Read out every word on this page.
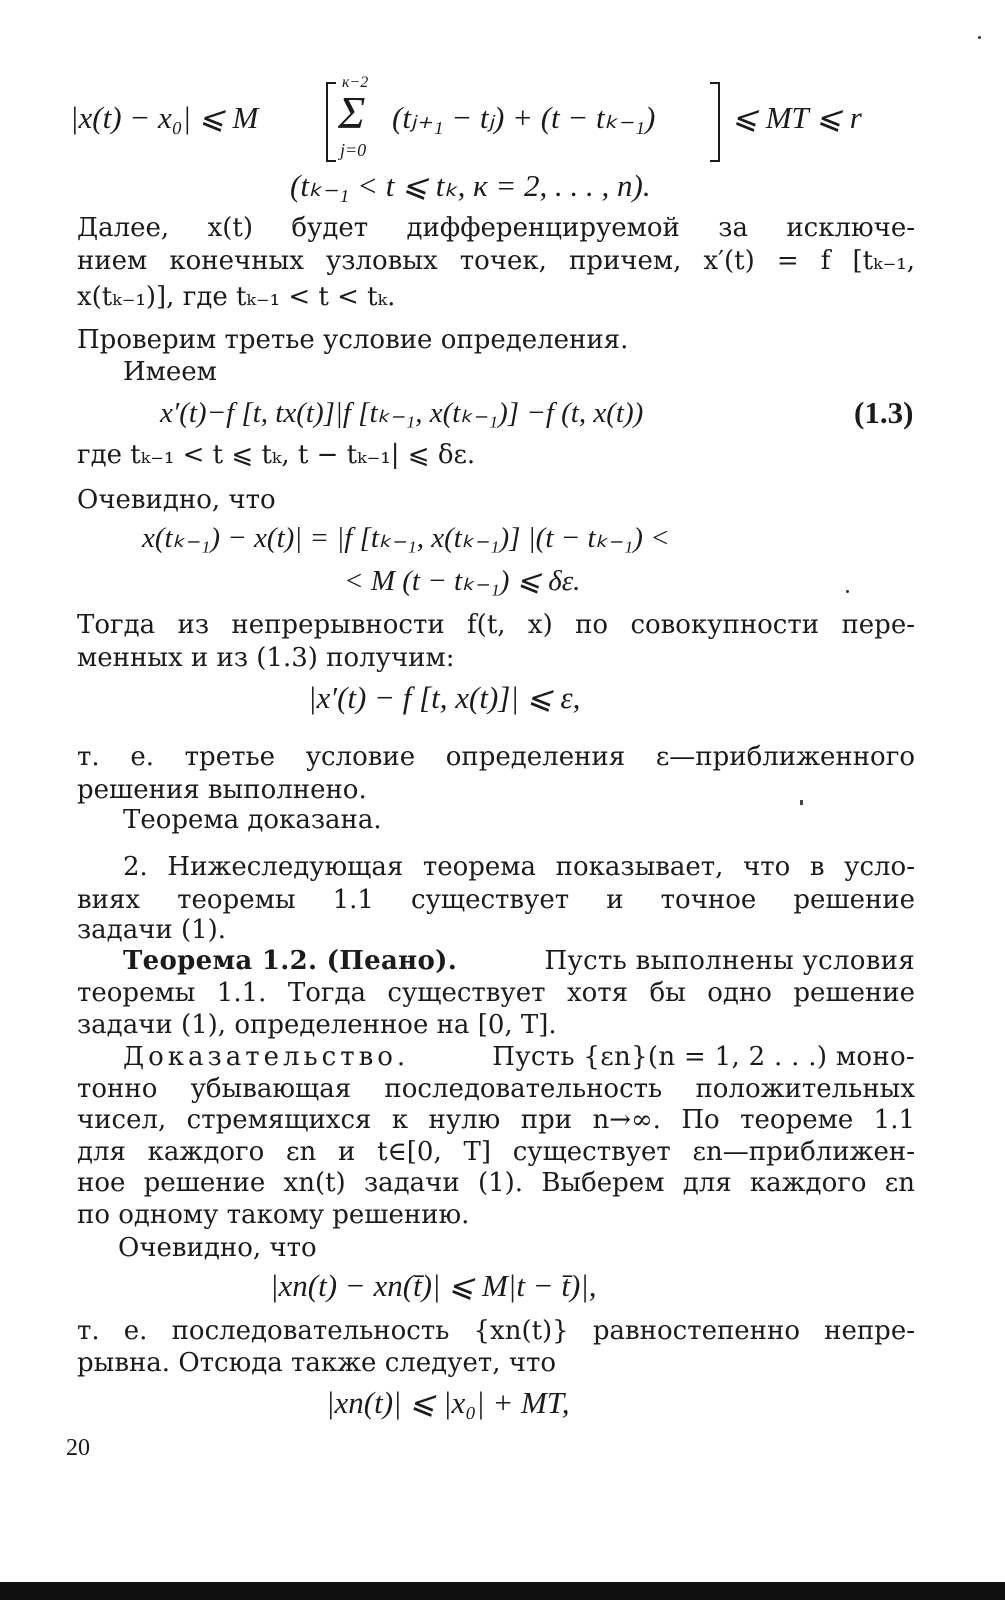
|x(t) − x₀| ⩽ M
к−2
Σ
j=0
(tⱼ₊₁ − tⱼ) + (t − tₖ₋₁) ⩽ MT ⩽ r
(tₖ₋₁ < t ⩽ tₖ, к = 2, . . . , n).
Далее, x(t) будет дифференцируемой за исключе-
нием конечных узловых точек, причем, x′(t) = f [tₖ₋₁,
x(tₖ₋₁)], где tₖ₋₁ < t < tₖ.
Проверим третье условие определения.
Имеем
x′(t)−f [t, tx(t)]|f [tₖ₋₁, x(tₖ₋₁)] −f (t, x(t))	(1.3)
где tₖ₋₁ < t ⩽ tₖ, t − tₖ₋₁| ⩽ δε.
Очевидно, что
x(tₖ₋₁) − x(t)| = |f [tₖ₋₁, x(tₖ₋₁)] |(t − tₖ₋₁) <
< M (t − tₖ₋₁) ⩽ δε.
Тогда из непрерывности f(t, x) по совокупности пере-
менных и из (1.3) получим:
|x′(t) − f [t, x(t)]| ⩽ ε,
т. е. третье условие определения ε—приближенного
решения выполнено.
Теорема доказана.
2. Нижеследующая теорема показывает, что в усло-
виях теоремы 1.1 существует и точное решение
задачи (1).
Теорема 1.2. (Пеано).	Пусть выполнены условия
теоремы 1.1. Тогда существует хотя бы одно решение
задачи (1), определенное на [0, T].
Доказательство.	Пусть {εn}(n = 1, 2 . . .) моно-
тонно убывающая последовательность положительных
чисел, стремящихся к нулю при n→∞. По теореме 1.1
для каждого εn и t∈[0, T] существует εn—приближен-
ное решение xn(t) задачи (1). Выберем для каждого εn
по одному такому решению.
Очевидно, что
|xn(t) − xn(t̄)| ⩽ M|t − t̄)|,
т. е. последовательность {xn(t)} равностепенно непре-
рывна. Отсюда также следует, что
|xn(t)| ⩽ |x₀| + MT,
20
